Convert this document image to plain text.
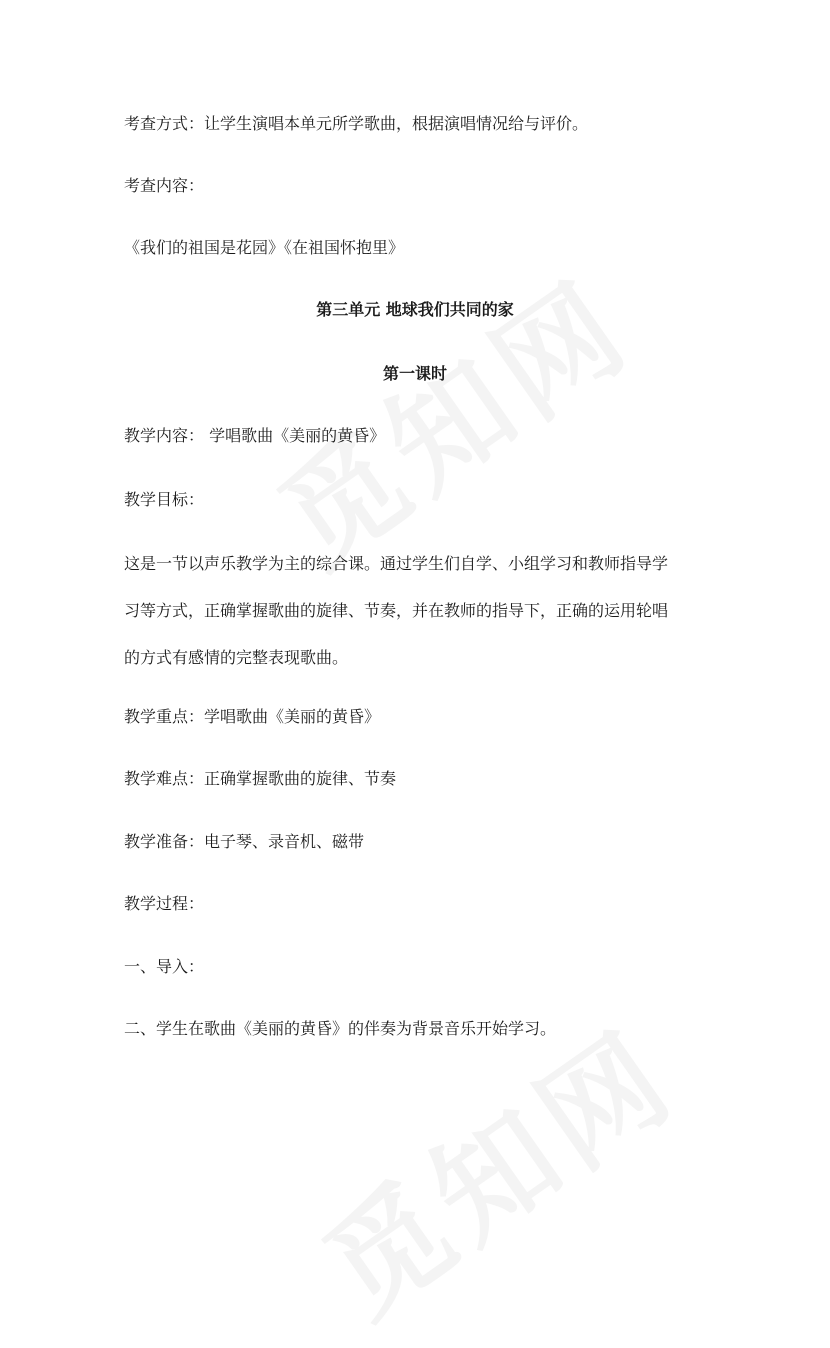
考查方式：让学生演唱本单元所学歌曲，根据演唱情况给与评价。
考查内容：
《我们的祖国是花园》《在祖国怀抱里》
第三单元 地球我们共同的家
第一课时
教学内容： 学唱歌曲《美丽的黄昏》
教学目标：
这是一节以声乐教学为主的综合课。通过学生们自学、小组学习和教师指导学
习等方式，正确掌握歌曲的旋律、节奏，并在教师的指导下，正确的运用轮唱
的方式有感情的完整表现歌曲。
教学重点：学唱歌曲《美丽的黄昏》
教学难点：正确掌握歌曲的旋律、节奏
教学准备：电子琴、录音机、磁带
教学过程：
一、导入：
二、学生在歌曲《美丽的黄昏》的伴奏为背景音乐开始学习。
